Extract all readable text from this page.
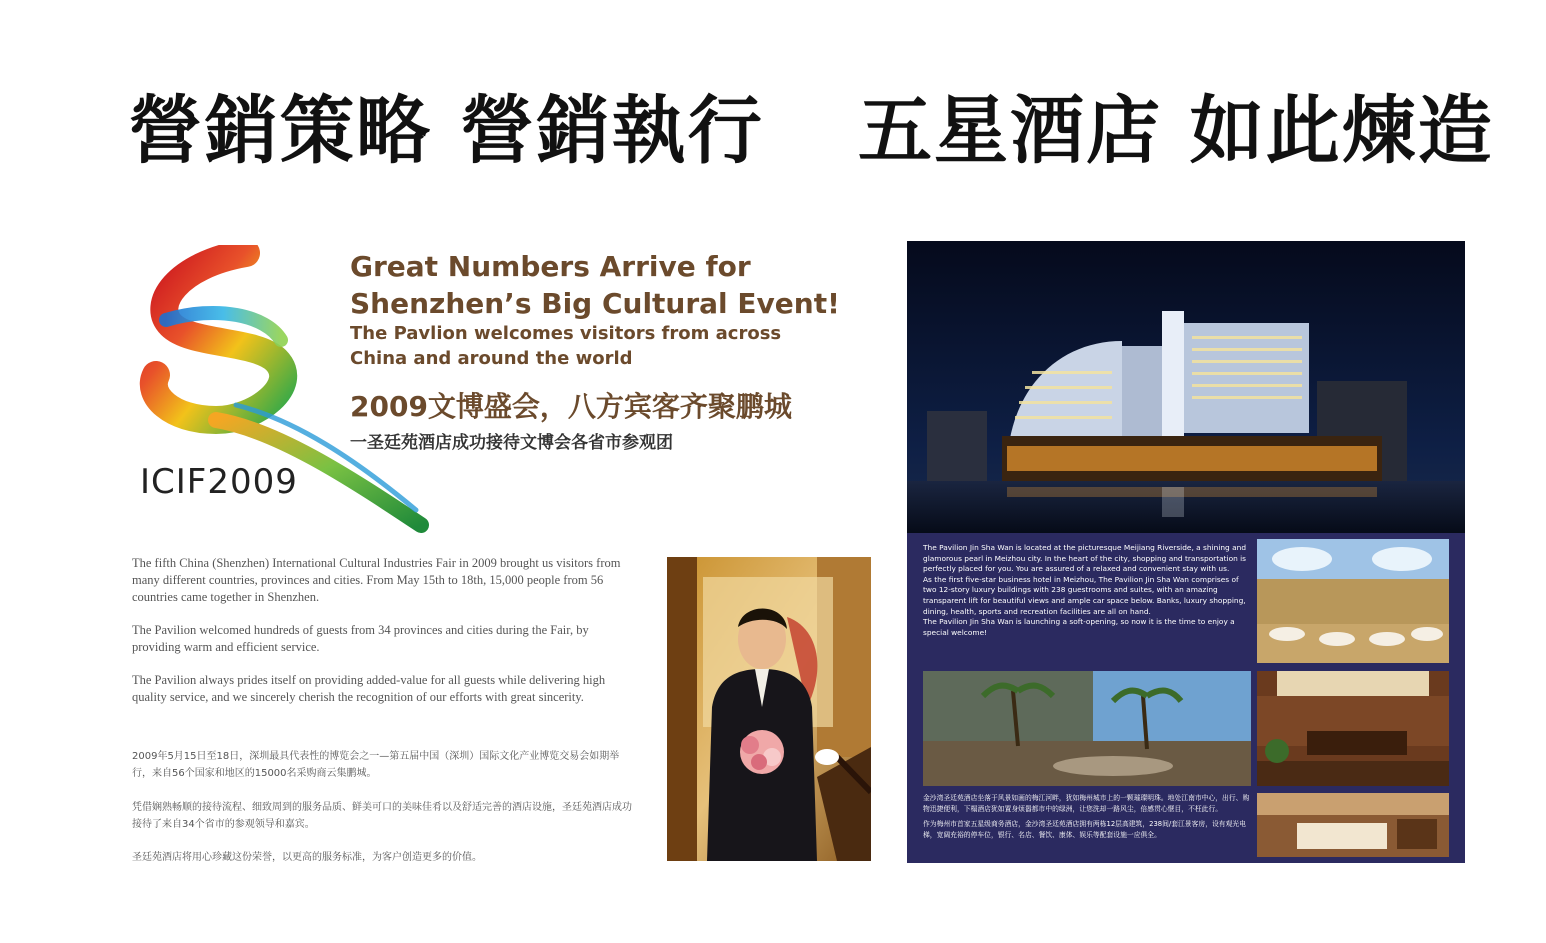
營銷策略 營銷執行 五星酒店 如此煉造
ICIF2009
Great Numbers Arrive for
Shenzhen’s Big Cultural Event!
The Pavlion welcomes visitors from across
China and around the world
2009文博盛会，八方宾客齐聚鹏城
一圣廷苑酒店成功接待文博会各省市参观团
The fifth China (Shenzhen) International Cultural Industries Fair in 2009 brought us visitors from many different countries, provinces and cities. From May 15th to 18th, 15,000 people from 56 countries came together in Shenzhen.
The Pavilion welcomed hundreds of guests from 34 provinces and cities during the Fair, by providing warm and efficient service.
The Pavilion always prides itself on providing added-value for all guests while delivering high quality service, and we sincerely cherish the recognition of our efforts with great sincerity.
2009年5月15日至18日，深圳最具代表性的博览会之一—第五届中国（深圳）国际文化产业博览交易会如期举行，来自56个国家和地区的15000名采购商云集鹏城。
凭借娴熟畅顺的接待流程、细致周到的服务品质、鲜美可口的美味佳肴以及舒适完善的酒店设施，圣廷苑酒店成功接待了来自34个省市的参观领导和嘉宾。
圣廷苑酒店将用心珍藏这份荣誉，以更高的服务标准，为客户创造更多的价值。

The Pavilion Jin Sha Wan is located at the picturesque Meijiang Riverside, a shining and glamorous pearl in Meizhou city. In the heart of the city, shopping and transportation is perfectly placed for you. You are assured of a relaxed and convenient stay with us.

As the first five-star business hotel in Meizhou, The Pavilion Jin Sha Wan comprises of two 12-story luxury buildings with 238 guestrooms and suites, with an amazing transparent lift for beautiful views and ample car space below. Banks, luxury shopping, dining, health, sports and recreation facilities are all on hand.

The Pavilion Jin Sha Wan is launching a soft-opening, so now it is the time to enjoy a special welcome!

金沙湾圣廷苑酒店坐落于风景如画的梅江河畔，犹如梅州城市上的一颗璀璨明珠。地处江南市中心，出行、购物迅捷便利，下榻酒店犹如置身烦嚣都市中的绿洲，让您洗却一路风尘，倍感贯心惬目，不枉此行。

作为梅州市首家五星级商务酒店，金沙湾圣廷苑酒店拥有两栋12层高建筑，238间/套江景客房，设有观光电梯，宽阔充裕的停车位，银行、名店、餐饮、康体、娱乐等配套设施一应俱全。
